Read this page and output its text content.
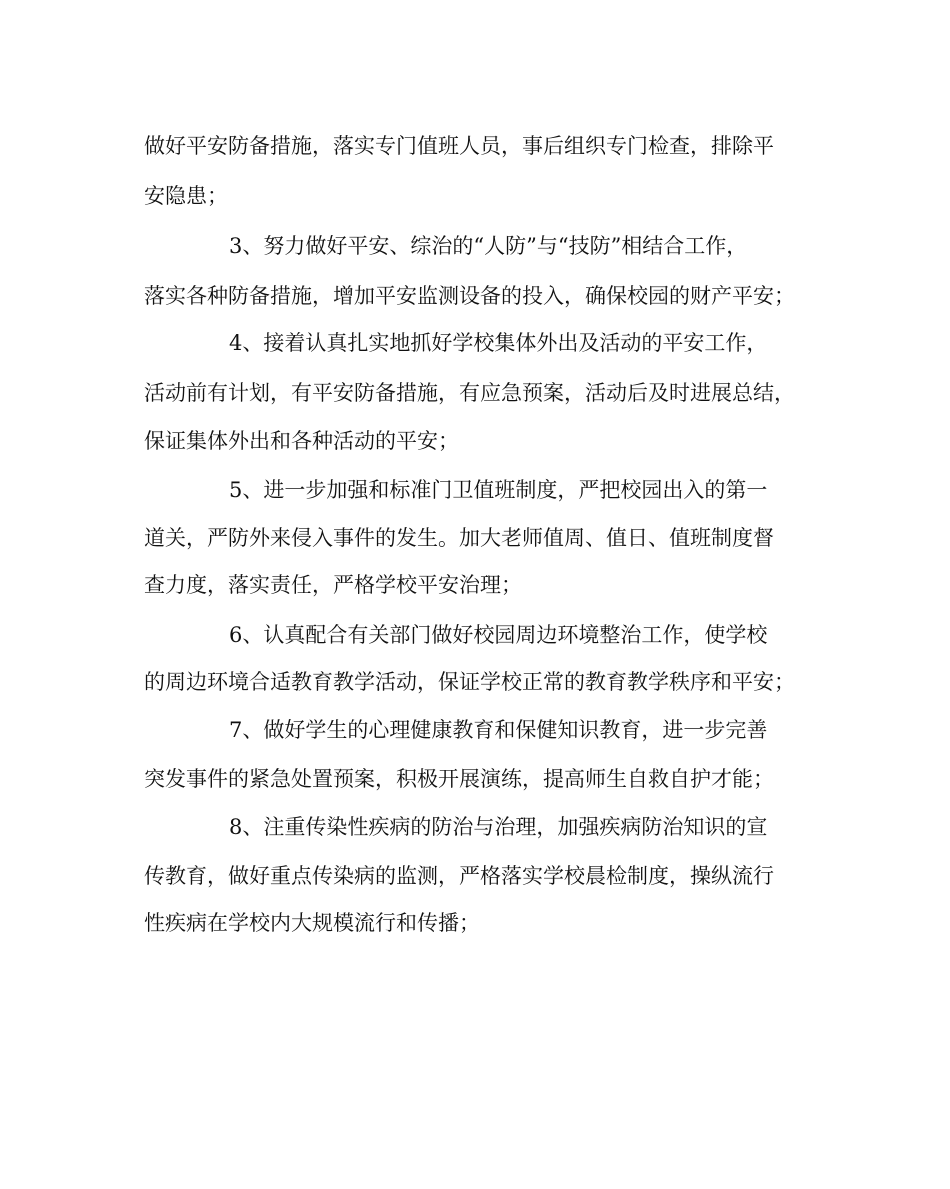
做好平安防备措施，落实专门值班人员，事后组织专门检查，排除平

安隐患；

3、努力做好平安、综治的“人防”与“技防”相结合工作，

落实各种防备措施，增加平安监测设备的投入，确保校园的财产平安；

4、接着认真扎实地抓好学校集体外出及活动的平安工作，

活动前有计划，有平安防备措施，有应急预案，活动后及时进展总结，

保证集体外出和各种活动的平安；

5、进一步加强和标准门卫值班制度，严把校园出入的第一

道关，严防外来侵入事件的发生。加大老师值周、值日、值班制度督

查力度，落实责任，严格学校平安治理；

6、认真配合有关部门做好校园周边环境整治工作，使学校

的周边环境合适教育教学活动，保证学校正常的教育教学秩序和平安；

7、做好学生的心理健康教育和保健知识教育，进一步完善

突发事件的紧急处置预案，积极开展演练，提高师生自救自护才能；

8、注重传染性疾病的防治与治理，加强疾病防治知识的宣

传教育，做好重点传染病的监测，严格落实学校晨检制度，操纵流行

性疾病在学校内大规模流行和传播；
